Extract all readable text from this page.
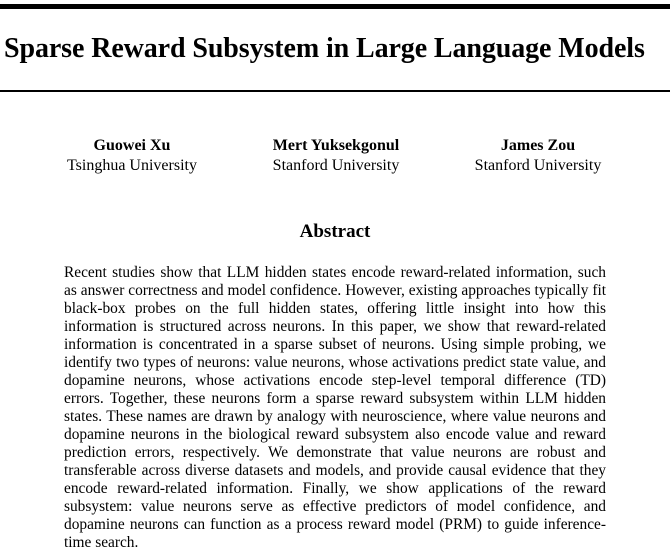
Sparse Reward Subsystem in Large Language Models
Guowei Xu
Tsinghua University
Mert Yuksekgonul
Stanford University
James Zou
Stanford University
Abstract

Recent studies show that LLM hidden states encode reward-related information, such as answer correctness and model confidence. However, existing approaches typically fit black-box probes on the full hidden states, offering little insight into how this information is structured across neurons. In this paper, we show that reward-related information is concentrated in a sparse subset of neurons. Using simple probing, we identify two types of neurons: value neurons, whose activations predict state value, and dopamine neurons, whose activations encode step-level temporal difference (TD) errors. Together, these neurons form a sparse reward subsystem within LLM hidden states. These names are drawn by analogy with neuroscience, where value neurons and dopamine neurons in the biological reward subsystem also encode value and reward prediction errors, respectively. We demonstrate that value neurons are robust and transferable across diverse datasets and models, and provide causal evidence that they encode reward-related information. Finally, we show applications of the reward subsystem: value neurons serve as effective predictors of model confidence, and dopamine neurons can function as a process reward model (PRM) to guide inference-time search.
